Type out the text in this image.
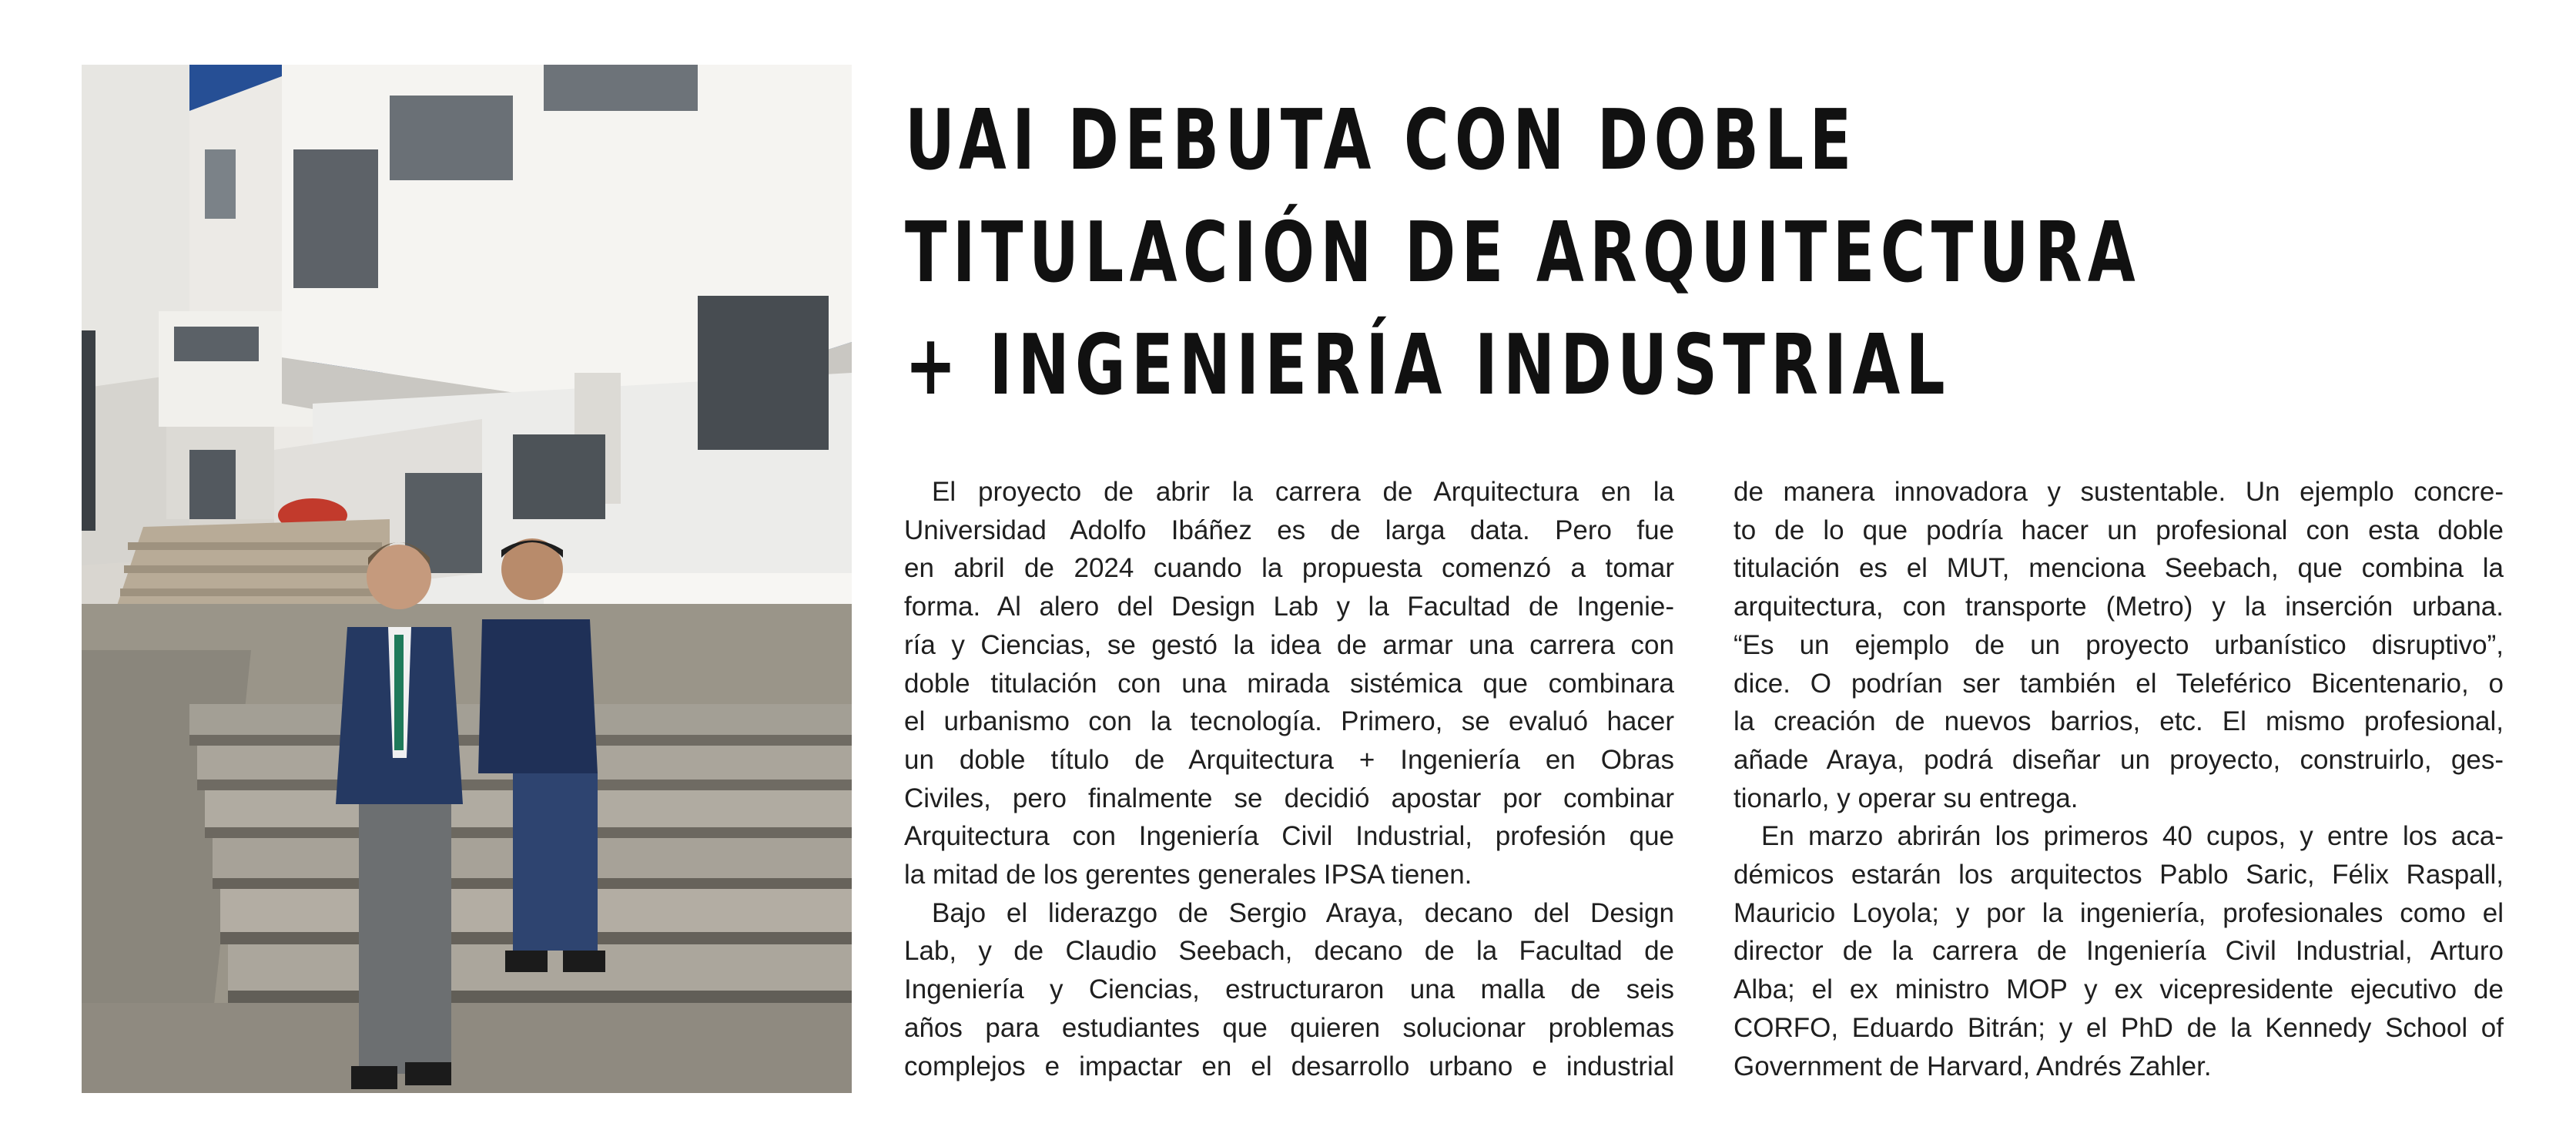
UAI DEBUTA CON DOBLE
TITULACIÓN DE ARQUITECTURA
+ INGENIERÍA INDUSTRIAL
El proyecto de abrir la carrera de Arquitectura en la
Universidad Adolfo Ibáñez es de larga data. Pero fue
en abril de 2024 cuando la propuesta comenzó a tomar
forma. Al alero del Design Lab y la Facultad de Ingenie-
ría y Ciencias, se gestó la idea de armar una carrera con
doble titulación con una mirada sistémica que combinara
el urbanismo con la tecnología. Primero, se evaluó hacer
un doble título de Arquitectura + Ingeniería en Obras
Civiles, pero finalmente se decidió apostar por combinar
Arquitectura con Ingeniería Civil Industrial, profesión que
la mitad de los gerentes generales IPSA tienen.
Bajo el liderazgo de Sergio Araya, decano del Design
Lab, y de Claudio Seebach, decano de la Facultad de
Ingeniería y Ciencias, estructuraron una malla de seis
años para estudiantes que quieren solucionar problemas
complejos e impactar en el desarrollo urbano e industrial
de manera innovadora y sustentable. Un ejemplo concre-
to de lo que podría hacer un profesional con esta doble
titulación es el MUT, menciona Seebach, que combina la
arquitectura, con transporte (Metro) y la inserción urbana.
“Es un ejemplo de un proyecto urbanístico disruptivo”,
dice. O podrían ser también el Teleférico Bicentenario, o
la creación de nuevos barrios, etc. El mismo profesional,
añade Araya, podrá diseñar un proyecto, construirlo, ges-
tionarlo, y operar su entrega.
En marzo abrirán los primeros 40 cupos, y entre los aca-
démicos estarán los arquitectos Pablo Saric, Félix Raspall,
Mauricio Loyola; y por la ingeniería, profesionales como el
director de la carrera de Ingeniería Civil Industrial, Arturo
Alba; el ex ministro MOP y ex vicepresidente ejecutivo de
CORFO, Eduardo Bitrán; y el PhD de la Kennedy School of
Government de Harvard, Andrés Zahler.
